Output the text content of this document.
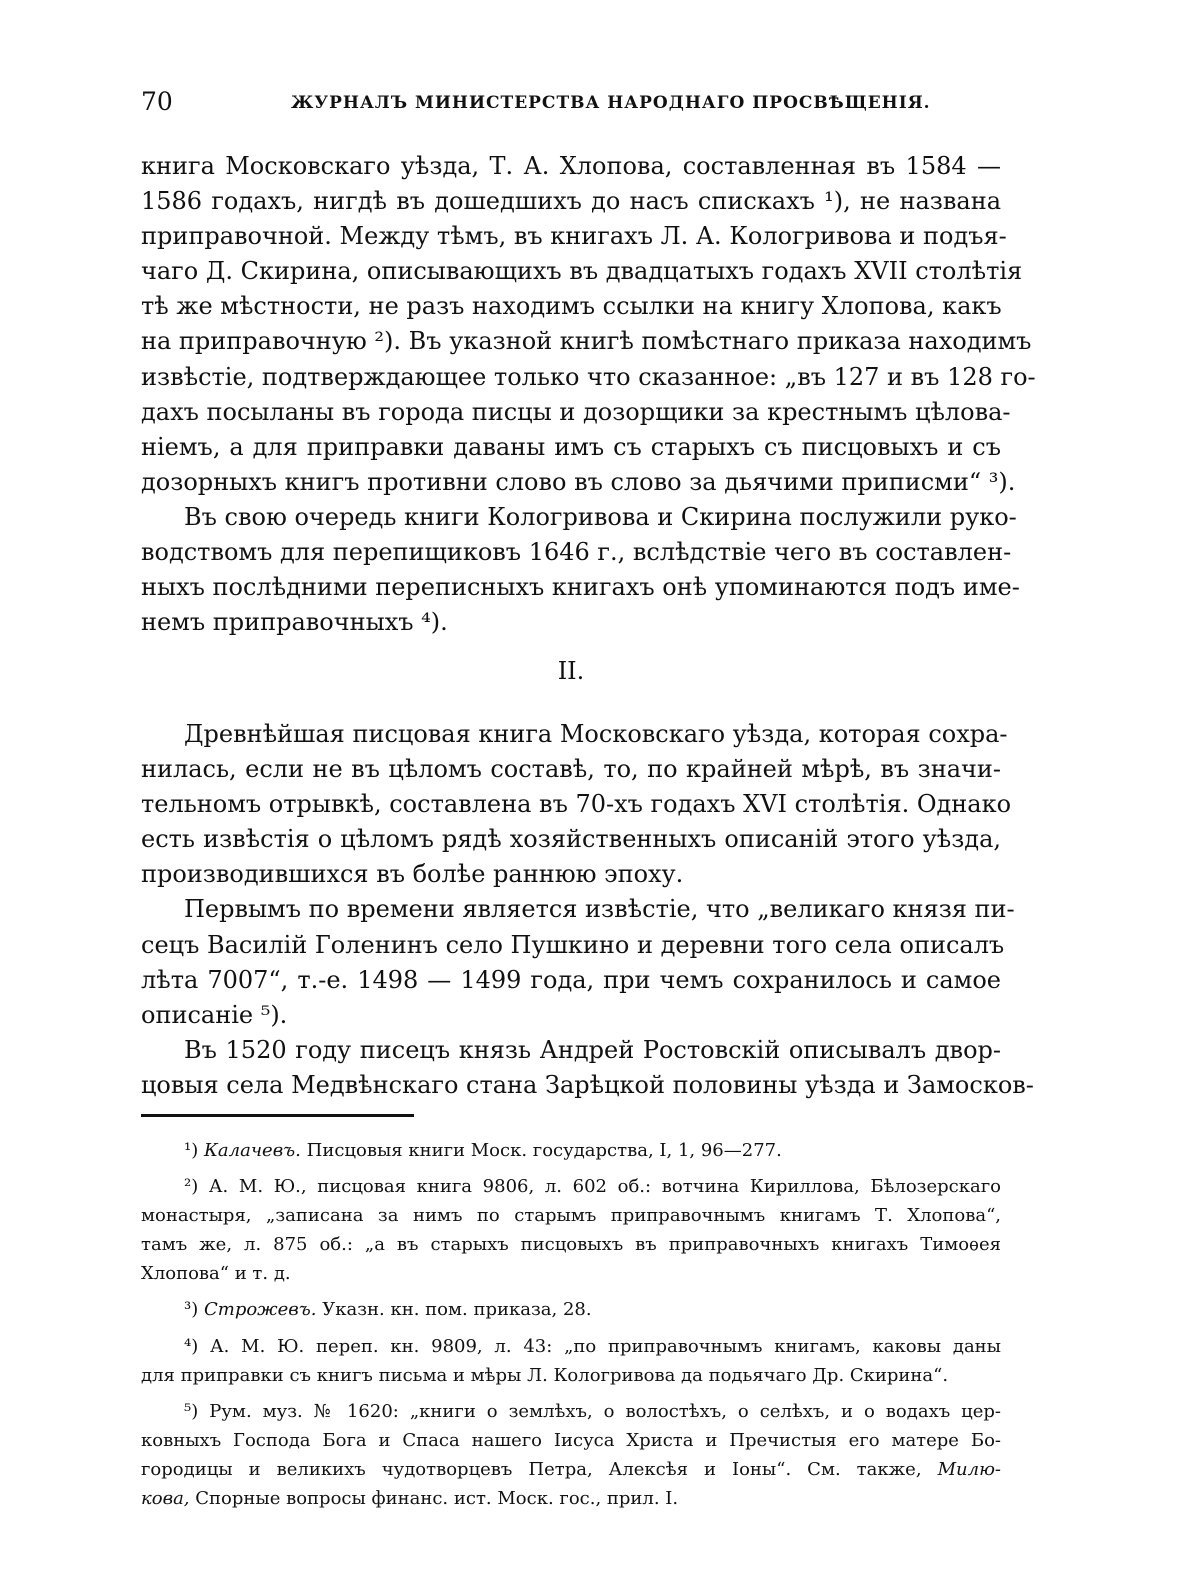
70	ЖУРНАЛЪ МИНИСТЕРСТВА НАРОДНАГО ПРОСВѢЩЕНІЯ.
книга Московскаго уѣзда, Т. А. Хлопова, составленная въ 1584 —
1586 годахъ, нигдѣ въ дошедшихъ до насъ спискахъ ¹), не названа
приправочной. Между тѣмъ, въ книгахъ Л. А. Кологривова и подъя-
чаго Д. Скирина, описывающихъ въ двадцатыхъ годахъ XVII столѣтія
тѣ же мѣстности, не разъ находимъ ссылки на книгу Хлопова, какъ
на приправочную ²). Въ указной книгѣ помѣстнаго приказа находимъ
извѣстіе, подтверждающее только что сказанное: „въ 127 и въ 128 го-
дахъ посыланы въ города писцы и дозорщики за крестнымъ цѣлова-
ніемъ, а для приправки даваны имъ съ старыхъ съ писцовыхъ и съ
дозорныхъ книгъ противни слово въ слово за дьячими приписми“ ³).
Въ свою очередь книги Кологривова и Скирина послужили руко-
водствомъ для перепищиковъ 1646 г., вслѣдствіе чего въ составлен-
ныхъ послѣдними переписныхъ книгахъ онѣ упоминаются подъ име-
немъ приправочныхъ ⁴).
II.
Древнѣйшая писцовая книга Московскаго уѣзда, которая сохра-
нилась, если не въ цѣломъ составѣ, то, по крайней мѣрѣ, въ значи-
тельномъ отрывкѣ, составлена въ 70-хъ годахъ XVI столѣтія. Однако
есть извѣстія о цѣломъ рядѣ хозяйственныхъ описаній этого уѣзда,
производившихся въ болѣе раннюю эпоху.
Первымъ по времени является извѣстіе, что „великаго князя пи-
сецъ Василій Голенинъ село Пушкино и деревни того села описалъ
лѣта 7007“, т.-е. 1498 — 1499 года, при чемъ сохранилось и самое
описаніе ⁵).
Въ 1520 году писецъ князь Андрей Ростовскій описывалъ двор-
цовыя села Медвѣнскаго стана Зарѣцкой половины уѣзда и Замосков-
¹) Калачевъ. Писцовыя книги Моск. государства, I, 1, 96—277.
²) А. М. Ю., писцовая книга 9806, л. 602 об.: вотчина Кириллова, Бѣлозерскаго
монастыря, „записана за нимъ по старымъ приправочнымъ книгамъ Т. Хлопова“,
тамъ же, л. 875 об.: „а въ старыхъ писцовыхъ въ приправочныхъ книгахъ Тимоѳея
Хлопова“ и т. д.
³) Строжевъ. Указн. кн. пом. приказа, 28.
⁴) А. М. Ю. переп. кн. 9809, л. 43: „по приправочнымъ книгамъ, каковы даны
для приправки съ книгъ письма и мѣры Л. Кологривова да подьячаго Др. Скирина“.
⁵) Рум. муз. № 1620: „книги о землѣхъ, о волостѣхъ, о селѣхъ, и о водахъ цер-
ковныхъ Господа Бога и Спаса нашего Іисуса Христа и Пречистыя его матере Бо-
городицы и великихъ чудотворцевъ Петра, Алексѣя и Іоны“. См. также, Милю-
кова, Спорные вопросы финанс. ист. Моск. гос., прил. I.
